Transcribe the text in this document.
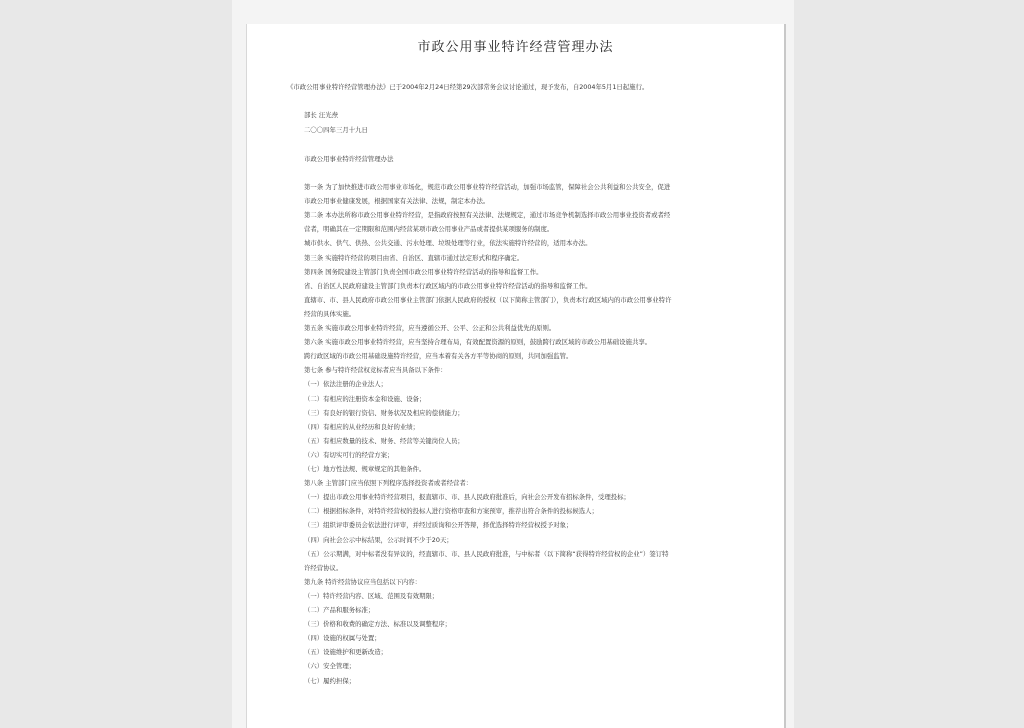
市政公用事业特许经营管理办法
《市政公用事业特许经营管理办法》已于2004年2月24日经第29次部常务会议讨论通过，现予发布，自2004年5月1日起施行。
部长 汪光焘
二〇〇四年三月十九日
市政公用事业特许经营管理办法
第一条 为了加快推进市政公用事业市场化，规范市政公用事业特许经营活动，加强市场监管，保障社会公共利益和公共安全，促进
市政公用事业健康发展，根据国家有关法律、法规，制定本办法。
第二条 本办法所称市政公用事业特许经营，是指政府按照有关法律、法规规定，通过市场竞争机制选择市政公用事业投资者或者经
营者，明确其在一定期限和范围内经营某项市政公用事业产品或者提供某项服务的制度。
城市供水、供气、供热、公共交通、污水处理、垃圾处理等行业，依法实施特许经营的，适用本办法。
第三条 实施特许经营的项目由省、自治区、直辖市通过法定形式和程序确定。
第四条 国务院建设主管部门负责全国市政公用事业特许经营活动的指导和监督工作。
省、自治区人民政府建设主管部门负责本行政区域内的市政公用事业特许经营活动的指导和监督工作。
直辖市、市、县人民政府市政公用事业主管部门依据人民政府的授权（以下简称主管部门），负责本行政区域内的市政公用事业特许
经营的具体实施。
第五条 实施市政公用事业特许经营，应当遵循公开、公平、公正和公共利益优先的原则。
第六条 实施市政公用事业特许经营，应当坚持合理布局，有效配置资源的原则，鼓励跨行政区域的市政公用基础设施共享。
跨行政区域的市政公用基础设施特许经营，应当本着有关各方平等协商的原则，共同加强监管。
第七条 参与特许经营权竞标者应当具备以下条件：
（一）依法注册的企业法人；
（二）有相应的注册资本金和设施、设备；
（三）有良好的银行资信、财务状况及相应的偿债能力；
（四）有相应的从业经历和良好的业绩；
（五）有相应数量的技术、财务、经营等关键岗位人员；
（六）有切实可行的经营方案；
（七）地方性法规、规章规定的其他条件。
第八条 主管部门应当依照下列程序选择投资者或者经营者：
（一）提出市政公用事业特许经营项目，报直辖市、市、县人民政府批准后，向社会公开发布招标条件，受理投标；
（二）根据招标条件，对特许经营权的投标人进行资格审查和方案预审，推荐出符合条件的投标候选人；
（三）组织评审委员会依法进行评审，并经过质询和公开答辩，择优选择特许经营权授予对象；
（四）向社会公示中标结果，公示时间不少于20天；
（五）公示期满，对中标者没有异议的，经直辖市、市、县人民政府批准，与中标者（以下简称“获得特许经营权的企业”）签订特
许经营协议。
第九条 特许经营协议应当包括以下内容：
（一）特许经营内容、区域、范围及有效期限；
（二）产品和服务标准；
（三）价格和收费的确定方法、标准以及调整程序；
（四）设施的权属与处置；
（五）设施维护和更新改造；
（六）安全管理；
（七）履约担保；
